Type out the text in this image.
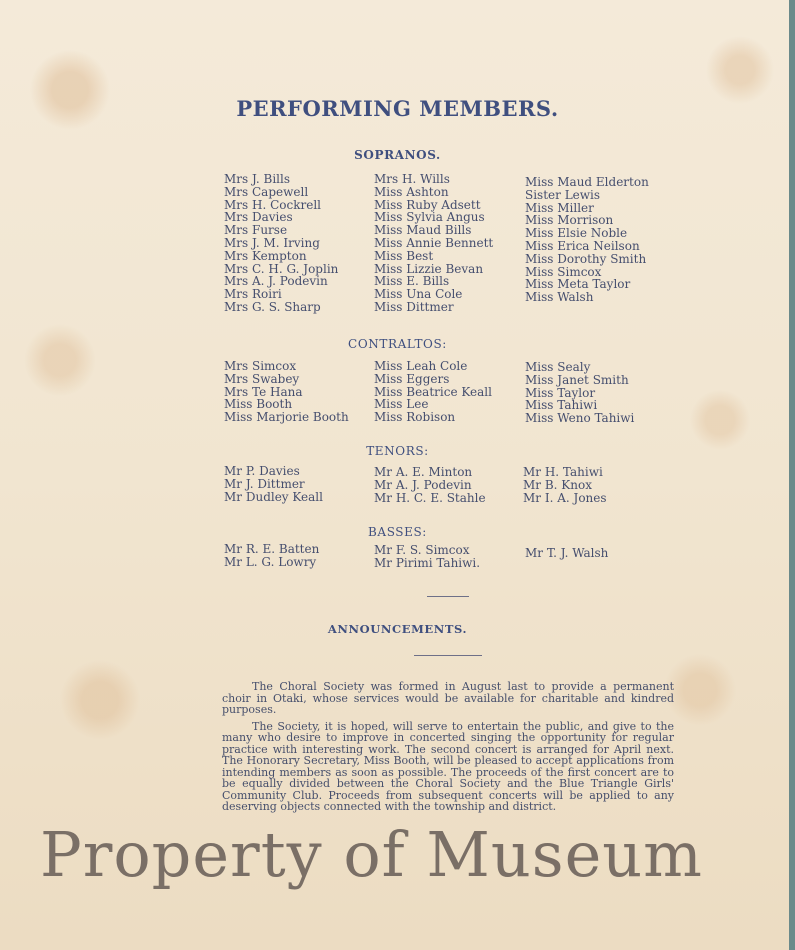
PERFORMING MEMBERS.
SOPRANOS.
Mrs J. Bills
Mrs Capewell
Mrs H. Cockrell
Mrs Davies
Mrs Furse
Mrs J. M. Irving
Mrs Kempton
Mrs C. H. G. Joplin
Mrs A. J. Podevin
Mrs Roiri
Mrs G. S. Sharp
Mrs H. Wills
Miss Ashton
Miss Ruby Adsett
Miss Sylvia Angus
Miss Maud Bills
Miss Annie Bennett
Miss Best
Miss Lizzie Bevan
Miss E. Bills
Miss Una Cole
Miss Dittmer
Miss Maud Elderton
Sister Lewis
Miss Miller
Miss Morrison
Miss Elsie Noble
Miss Erica Neilson
Miss Dorothy Smith
Miss Simcox
Miss Meta Taylor
Miss Walsh
CONTRALTOS:
Mrs Simcox
Mrs Swabey
Mrs Te Hana
Miss Booth
Miss Marjorie Booth
Miss Leah Cole
Miss Eggers
Miss Beatrice Keall
Miss Lee
Miss Robison
Miss Sealy
Miss Janet Smith
Miss Taylor
Miss Tahiwi
Miss Weno Tahiwi
TENORS:
Mr P. Davies
Mr J. Dittmer
Mr Dudley Keall
Mr A. E. Minton
Mr A. J. Podevin
Mr H. C. E. Stahle
Mr H. Tahiwi
Mr B. Knox
Mr I. A. Jones
BASSES:
Mr R. E. Batten
Mr L. G. Lowry
Mr F. S. Simcox
Mr Pirimi Tahiwi.
Mr T. J. Walsh
ANNOUNCEMENTS.

The Choral Society was formed in August last to provide a permanent choir in Otaki, whose services would be available for charitable and kindred purposes.

The Society, it is hoped, will serve to entertain the public, and give to the many who desire to improve in concerted singing the opportunity for regular practice with interesting work. The second concert is arranged for April next. The Honorary Secretary, Miss Booth, will be pleased to accept applications from intending members as soon as possible. The proceeds of the first concert are to be equally divided between the Choral Society and the Blue Triangle Girls' Community Club. Proceeds from subsequent concerts will be applied to any deserving objects connected with the township and district.

Property of Museum
